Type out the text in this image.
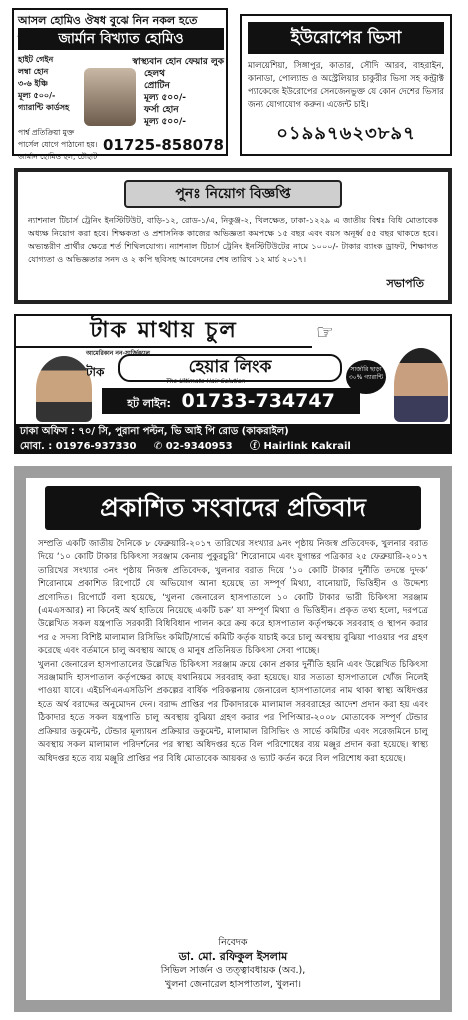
আসল হোমিও ঔষধ বুঝে নিন নকল হতে
জার্মান বিখ্যাত হোমিও
হাইট গেইন
লম্বা হোন
৩-৬ ইঞ্চি
মূল্য ৫০০/-
গ্যারান্টি কার্ডসহ
স্বাস্থ্যবান হোন ফেয়ার লুক
হেলথ
প্রোটিন
মূল্য ৫০০/-
ফর্সা হোন
মূল্য ৫০০/-
পার্শ্ব প্রতিক্রিয়া মুক্ত
পার্সেল যোগে পাঠানো হয়।
জার্মান হোমিও হল, চৌহাট
01725-858078
ইউরোপের ভিসা
মালয়েশিয়া, সিঙ্গাপুর, কাতার, সৌদি আরব, বাহরাইন, কানাডা, পোল্যান্ড ও অস্ট্রেলিয়ার চাকুরীর ভিসা সহ কন্ট্রাক্ট প্যাকেজে ইউরোপের সেনজেনভুক্ত যে কোন দেশের ভিসার জন্য যোগাযোগ করুন। এজেন্ট চাই।
০১৯৯৭৬২৩৮৯৭
পুনঃ নিয়োগ বিজ্ঞপ্তি
ন্যাশনাল টিচার্স ট্রেনিং ইনস্টিটিউট, বাড়ি-১২, রোড-১/এ, নিকুঞ্জ-২, খিলক্ষেত, ঢাকা-১২২৯ এ জাতীয় বিশ্বঃ বিধি মোতাবেক অধ্যক্ষ নিয়োগ করা হবে। শিক্ষকতা ও প্রশাসনিক কাজের অভিজ্ঞতা কমপক্ষে ১৫ বছর এবং বয়স অনূর্ধ্ব ৫৫ বছর থাকতে হবে। অভ্যন্তরীণ প্রার্থীর ক্ষেত্রে শর্ত শিথিলযোগ্য। ন্যাশনাল টিচার্স ট্রেনিং ইনস্টিটিউটের নামে ১০০০/- টাকার ব্যাংক ড্রাফট, শিক্ষাগত যোগ্যতা ও অভিজ্ঞতার সনদ ও ২ কপি ছবিসহ আবেদনের শেষ তারিখ ১২ মার্চ ২০১৭।
সভাপতি
টাক মাথায় চুল	☞
আমেরিকান নন-সার্জিক্যাল
টাক	হেয়ার লিংক
The Ultimate Hair Solution
সার্জারি ছাড়া ৩০% গ্যারান্টি
হট লাইন: 01733-734747
ঢাকা অফিস : ৭০/ সি, পুরানা পল্টন, ভি আই পি রোড (কাকরাইল)
মোবা. : 01976-937330 ✆ 02-9340953 ⓕ Hairlink Kakrail
প্রকাশিত সংবাদের প্রতিবাদ

সম্প্রতি একটি জাতীয় দৈনিকে ৮ ফেব্রুয়ারি-২০১৭ তারিখের সংখ্যার ৯নং পৃষ্ঠায় নিজস্ব প্রতিবেদক, খুলনার বরাত দিয়ে ‘১০ কোটি টাকার চিকিৎসা সরঞ্জাম কেনায় পুকুরচুরি’ শিরোনামে এবং যুগান্তর পত্রিকার ২৫ ফেব্রুয়ারি-২০১৭ তারিখের সংখ্যার ৩নং পৃষ্ঠায় নিজস্ব প্রতিবেদক, খুলনার বরাত দিয়ে ‘১০ কোটি টাকার দুর্নীতি তদন্তে দুদক’ শিরোনামে প্রকাশিত রিপোর্টে যে অভিযোগ আনা হয়েছে তা সম্পূর্ণ মিথ্যা, বানোয়াট, ভিত্তিহীন ও উদ্দেশ্য প্রণোদিত। রিপোর্টে বলা হয়েছে, ‘খুলনা জেনারেল হাসপাতালে ১০ কোটি টাকার ভারী চিকিৎসা সরঞ্জাম (এমএসআর) না কিনেই অর্থ হাতিয়ে নিয়েছে একটি চক্র’ যা সম্পূর্ণ মিথ্যা ও ভিত্তিহীন। প্রকৃত তথ্য হলো, দরপত্রে উল্লেখিত সকল যন্ত্রপাতি সরকারী বিধিবিধান পালন করে ক্রয় করে হাসপাতাল কর্তৃপক্ষকে সরবরাহ ও স্থাপন করার পর ৫ সদস্য বিশিষ্ট মালামাল রিসিভিং কমিটি/সার্ভে কমিটি কর্তৃক যাচাই করে চালু অবস্থায় বুঝিয়া পাওয়ার পর গ্রহণ করেছে এবং বর্তমানে চালু অবস্থায় আছে ও মানুষ প্রতিনিয়ত চিকিৎসা সেবা পাচ্ছে।

খুলনা জেনারেল হাসপাতালের উল্লেখিত চিকিৎসা সরঞ্জাম ক্রয়ে কোন প্রকার দুর্নীতি হয়নি এবং উল্লেখিত চিকিৎসা সরঞ্জামাদি হাসপাতাল কর্তৃপক্ষের কাছে যথানিয়মে সরবরাহ করা হয়েছে। যার সত্যতা হাসপাতালে খোঁজ নিলেই পাওয়া যাবে। এইচপিএনএসডিপি প্রকল্পের বার্ষিক পরিকল্পনায় জেনারেল হাসপাতালের নাম থাকা স্বাস্থ্য অধিদপ্তর হতে অর্থ বরাদ্দের অনুমোদন দেন। বরাদ্দ প্রাপ্তির পর টিকাদারকে মালামাল সরবরাহের আদেশ প্রদান করা হয় এবং ঠিকাদার হতে সকল যন্ত্রপাতি চালু অবস্থায় বুঝিয়া গ্রহণ করার পর পিপিআর-২০০৮ মোতাবেক সম্পূর্ণ টেন্ডার প্রক্রিয়ার ডকুমেন্ট, টেন্ডার মূল্যায়ন প্রক্রিয়ার ডকুমেন্ট, মালামাল রিসিভিং ও সার্ভে কমিটির এবং সরেজমিনে চালু অবস্থায় সকল মালামাল পরিদর্শনের পর স্বাস্থ্য অধিদপ্তর হতে বিল পরিশোধের ব্যয় মঞ্জুর প্রদান করা হয়েছে। স্বাস্থ্য অধিদপ্তর হতে ব্যয় মঞ্জুরি প্রাপ্তির পর বিধি মোতাবেক আয়কর ও ভ্যাট কর্তন করে বিল পরিশোধ করা হয়েছে।

নিবেদক
ডা. মো. রফিকুল ইসলাম
সিভিল সার্জন ও তত্ত্বাবধায়ক (অব.),
খুলনা জেনারেল হাসপাতাল, খুলনা।
